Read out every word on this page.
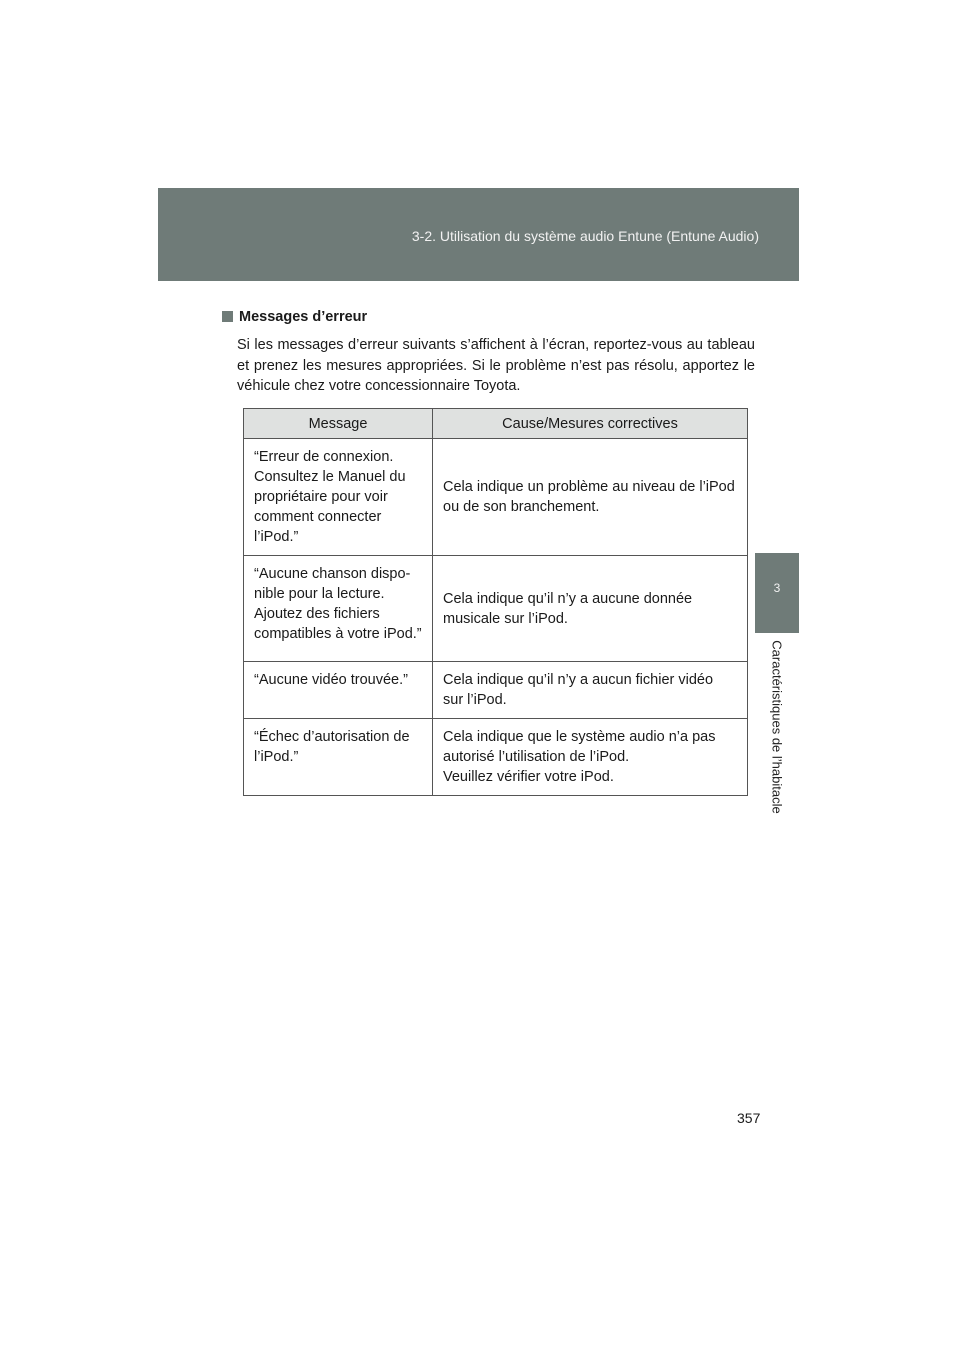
3-2. Utilisation du système audio Entune (Entune Audio)
3
Caractéristiques de l’habitacle
Messages d’erreur
Si les messages d’erreur suivants s’affichent à l’écran, reportez-vous au tableau et prenez les mesures appropriées. Si le problème n’est pas résolu, apportez le véhicule chez votre concessionnaire Toyota.
Message	Cause/Mesures correctives
“Erreur de connexion. Consultez le Manuel du propriétaire pour voir comment connecter l’iPod.”	Cela indique un problème au niveau de l’iPod ou de son branchement.
“Aucune chanson dispo-nible pour la lecture. Ajoutez des fichiers compatibles à votre iPod.”	Cela indique qu’il n’y a aucune donnée musicale sur l’iPod.
“Aucune vidéo trouvée.”	Cela indique qu’il n’y a aucun fichier vidéo sur l’iPod.
“Échec d’autorisation de l’iPod.”	Cela indique que le système audio n’a pas autorisé l’utilisation de l’iPod.
Veuillez vérifier votre iPod.
357
